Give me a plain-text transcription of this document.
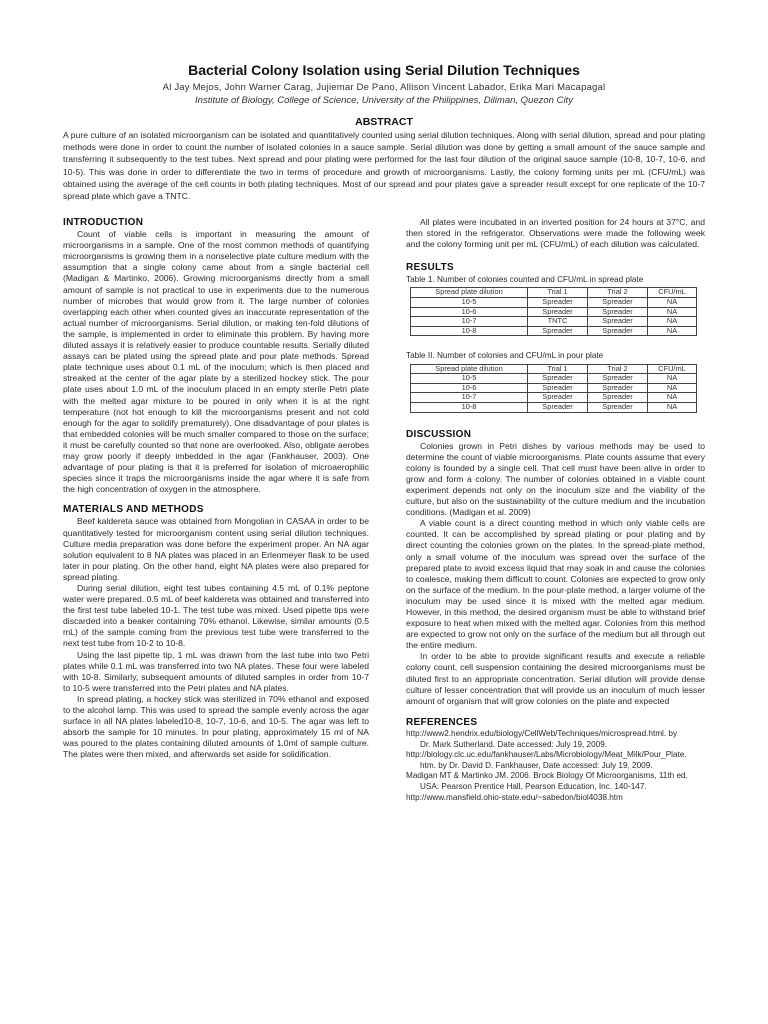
Bacterial Colony Isolation using Serial Dilution Techniques
Al Jay Mejos, John Warner Carag, Jujiemar De Pano, Allison Vincent Labador, Erika Mari Macapagal
Institute of Biology, College of Science, University of the Philippines, Diliman, Quezon City
ABSTRACT
A pure culture of an isolated microorganism can be isolated and quantitatively counted using serial dilution techniques. Along with serial dilution, spread and pour plating methods were done in order to count the number of isolated colonies in a sauce sample. Serial dilution was done by getting a small amount of the sauce sample and transferring it subsequently to the test tubes. Next spread and pour plating were performed for the last four dilution of the original sauce sample (10-8, 10-7, 10-6, and 10-5). This was done in order to differentiate the two in terms of procedure and growth of microorganisms. Lastly, the colony forming units per mL (CFU/mL) was obtained using the average of the cell counts in both plating techniques. Most of our spread and pour plates gave a spreader result except for one replicate of the 10-7 spread plate which gave a TNTC.
INTRODUCTION

Count of viable cells is important in measuring the amount of microorganisms in a sample. One of the most common methods of quantifying microorganisms is growing them in a nonselective plate culture medium with the assumption that a single colony came about from a single bacterial cell (Madigan & Martinko, 2006). Growing microorganisms directly from a small amount of sample is not practical to use in experiments due to the numerous number of microbes that would grow from it. The large number of colonies overlapping each other when counted gives an inaccurate representation of the actual number of microorganisms. Serial dilution, or making ten-fold dilutions of the sample, is implemented in order to eliminate this problem. By having more diluted assays it is relatively easier to produce countable results. Serially diluted assays can be plated using the spread plate and pour plate methods. Spread plate technique uses about 0.1 mL of the inoculum; which is then placed and streaked at the center of the agar plate by a sterilized hockey stick. The pour plate uses about 1.0 mL of the inoculum placed in an empty sterile Petri plate with the melted agar mixture to be poured in only when it is at the right temperature (not hot enough to kill the microorganisms present and not cold enough for the agar to solidify prematurely). One disadvantage of pour plates is that embedded colonies will be much smaller compared to those on the surface; it must be carefully counted so that none are overlooked. Also, obligate aerobes may grow poorly if deeply imbedded in the agar (Fankhauser, 2003). One advantage of pour plating is that it is preferred for isolation of microaerophilic species since it traps the microorganisms inside the agar where it is safe from the high concentration of oxygen in the atmosphere.

MATERIALS AND METHODS

Beef kaldereta sauce was obtained from Mongolian in CASAA in order to be quantitatively tested for microorganism content using serial dilution techniques. Culture media preparation was done before the experiment proper. An NA agar solution equivalent to 8 NA plates was placed in an Erlenmeyer flask to be used later in pour plating. On the other hand, eight NA plates were also prepared for spread plating.

During serial dilution, eight test tubes containing 4.5 mL of 0.1% peptone water were prepared. 0.5 mL of beef kaldereta was obtained and transferred into the first test tube labeled 10-1. The test tube was mixed. Used pipette tips were discarded into a beaker containing 70% ethanol. Likewise, similar amounts (0.5 mL) of the sample coming from the previous test tube were transferred to the next test tube from 10-2 to 10-8.

Using the last pipette tip, 1 mL was drawn from the last tube into two Petri plates while 0.1 mL was transferred into two NA plates. These four were labeled with 10-8. Similarly, subsequent amounts of diluted samples in order from 10-7 to 10-5 were transferred into the Petri plates and NA plates.

In spread plating, a hockey stick was sterilized in 70% ethanol and exposed to the alcohol lamp. This was used to spread the sample evenly across the agar surface in all NA plates labeled10-8, 10-7, 10-6, and 10-5. The agar was left to absorb the sample for 10 minutes. In pour plating, approximately 15 ml of NA was poured to the plates containing diluted amounts of 1.0ml of sample culture. The plates were then mixed, and afterwards set aside for solidification.

All plates were incubated in an inverted position for 24 hours at 37°C, and then stored in the refrigerator. Observations were made the following week and the colony forming unit per mL (CFU/mL) of each dilution was calculated.

RESULTS
Table 1. Number of colonies counted and CFU/mL in spread plate
Spread plate dilution	Trial 1	Trial 2	CFU/mL
10-5	Spreader	Spreader	NA
10-6	Spreader	Spreader	NA
10-7	TNTC	Spreader	NA
10-8	Spreader	Spreader	NA
Table II. Number of colonies and CFU/mL in pour plate
Spread plate dilution	Trial 1	Trial 2	CFU/mL
10-5	Spreader	Spreader	NA
10-6	Spreader	Spreader	NA
10-7	Spreader	Spreader	NA
10-8	Spreader	Spreader	NA
DISCUSSION

Colonies grown in Petri dishes by various methods may be used to determine the count of viable microorganisms. Plate counts assume that every colony is founded by a single cell. That cell must have been alive in order to grow and form a colony. The number of colonies obtained in a viable count experiment depends not only on the inoculum size and the viability of the culture, but also on the sustainability of the culture medium and the incubation conditions. (Madigan et al. 2009)

A viable count is a direct counting method in which only viable cells are counted. It can be accomplished by spread plating or pour plating and by direct counting the colonies grown on the plates. In the spread-plate method, only a small volume of the inoculum was spread over the surface of the prepared plate to avoid excess liquid that may soak in and cause the colonies to coalesce, making them difficult to count. Colonies are expected to grow only on the surface of the medium. In the pour-plate method, a larger volume of the inoculum may be used since it is mixed with the melted agar medium. However, in this method, the desired organism must be able to withstand brief exposure to heat when mixed with the melted agar. Colonies from this method are expected to grow not only on the surface of the medium but all through out the entire medium.

In order to be able to provide significant results and execute a reliable colony count, cell suspension containing the desired microorganisms must be diluted first to an appropriate concentration. Serial dilution will provide dense culture of lesser concentration that will provide us an inoculum of much lesser amount of organism that will grow colonies on the plate and expected

REFERENCES
http://www2.hendrix.edu/biology/CellWeb/Techniques/microspread.html. by
Dr. Mark Sutherland. Date accessed: July 19, 2009.
http://biology.clc.uc.edu/fankhauser/Labs/Microbiology/Meat_Milk/Pour_Plate.
htm. by Dr. David D. Fankhauser, Date accessed: July 19, 2009.
Madigan MT & Martinko JM. 2006. Brock Biology Of Microorganisms, 11th ed.
USA: Pearson Prentice Hall, Pearson Education, Inc. 140-147.
http://www.mansfield.ohio-state.edu/~sabedon/biol4038.htm
